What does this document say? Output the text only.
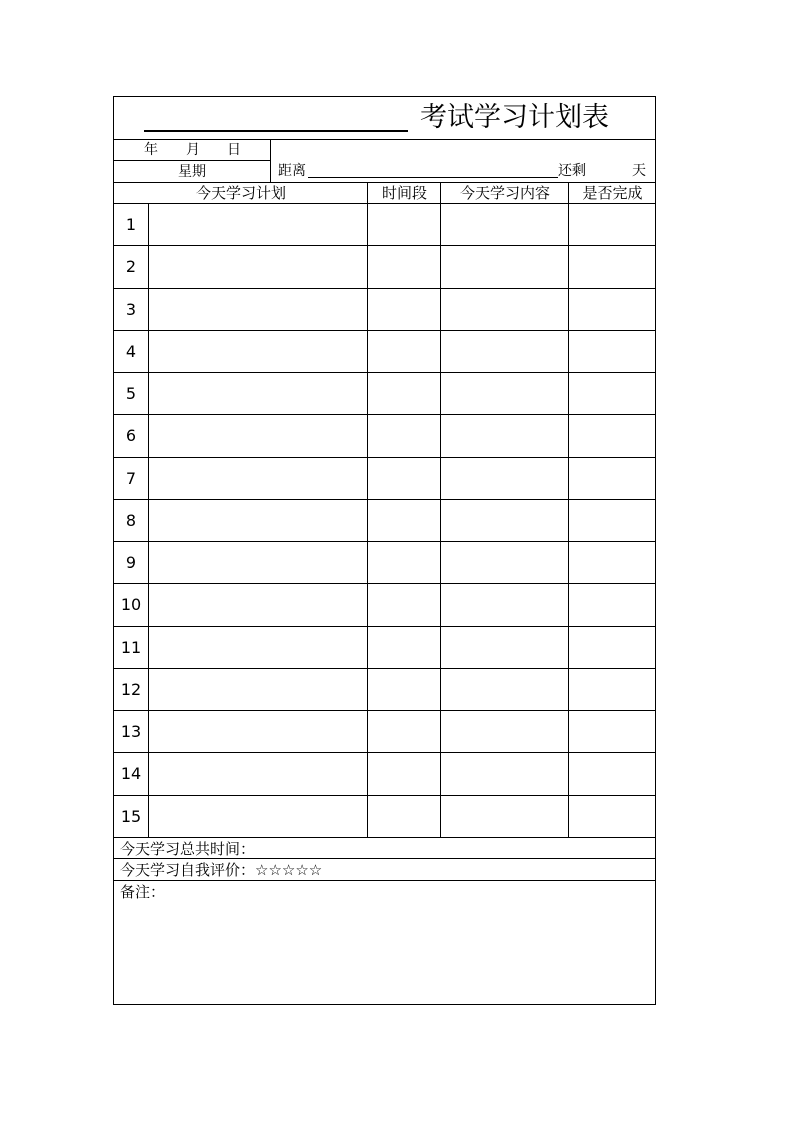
考试学习计划表
年 月 日
星期	距离	还剩	天
今天学习计划	时间段	今天学习内容	是否完成
1
2
3
4
5
6
7
8
9
10
11
12
13
14
15
今天学习总共时间：
今天学习自我评价：☆☆☆☆☆
备注：
